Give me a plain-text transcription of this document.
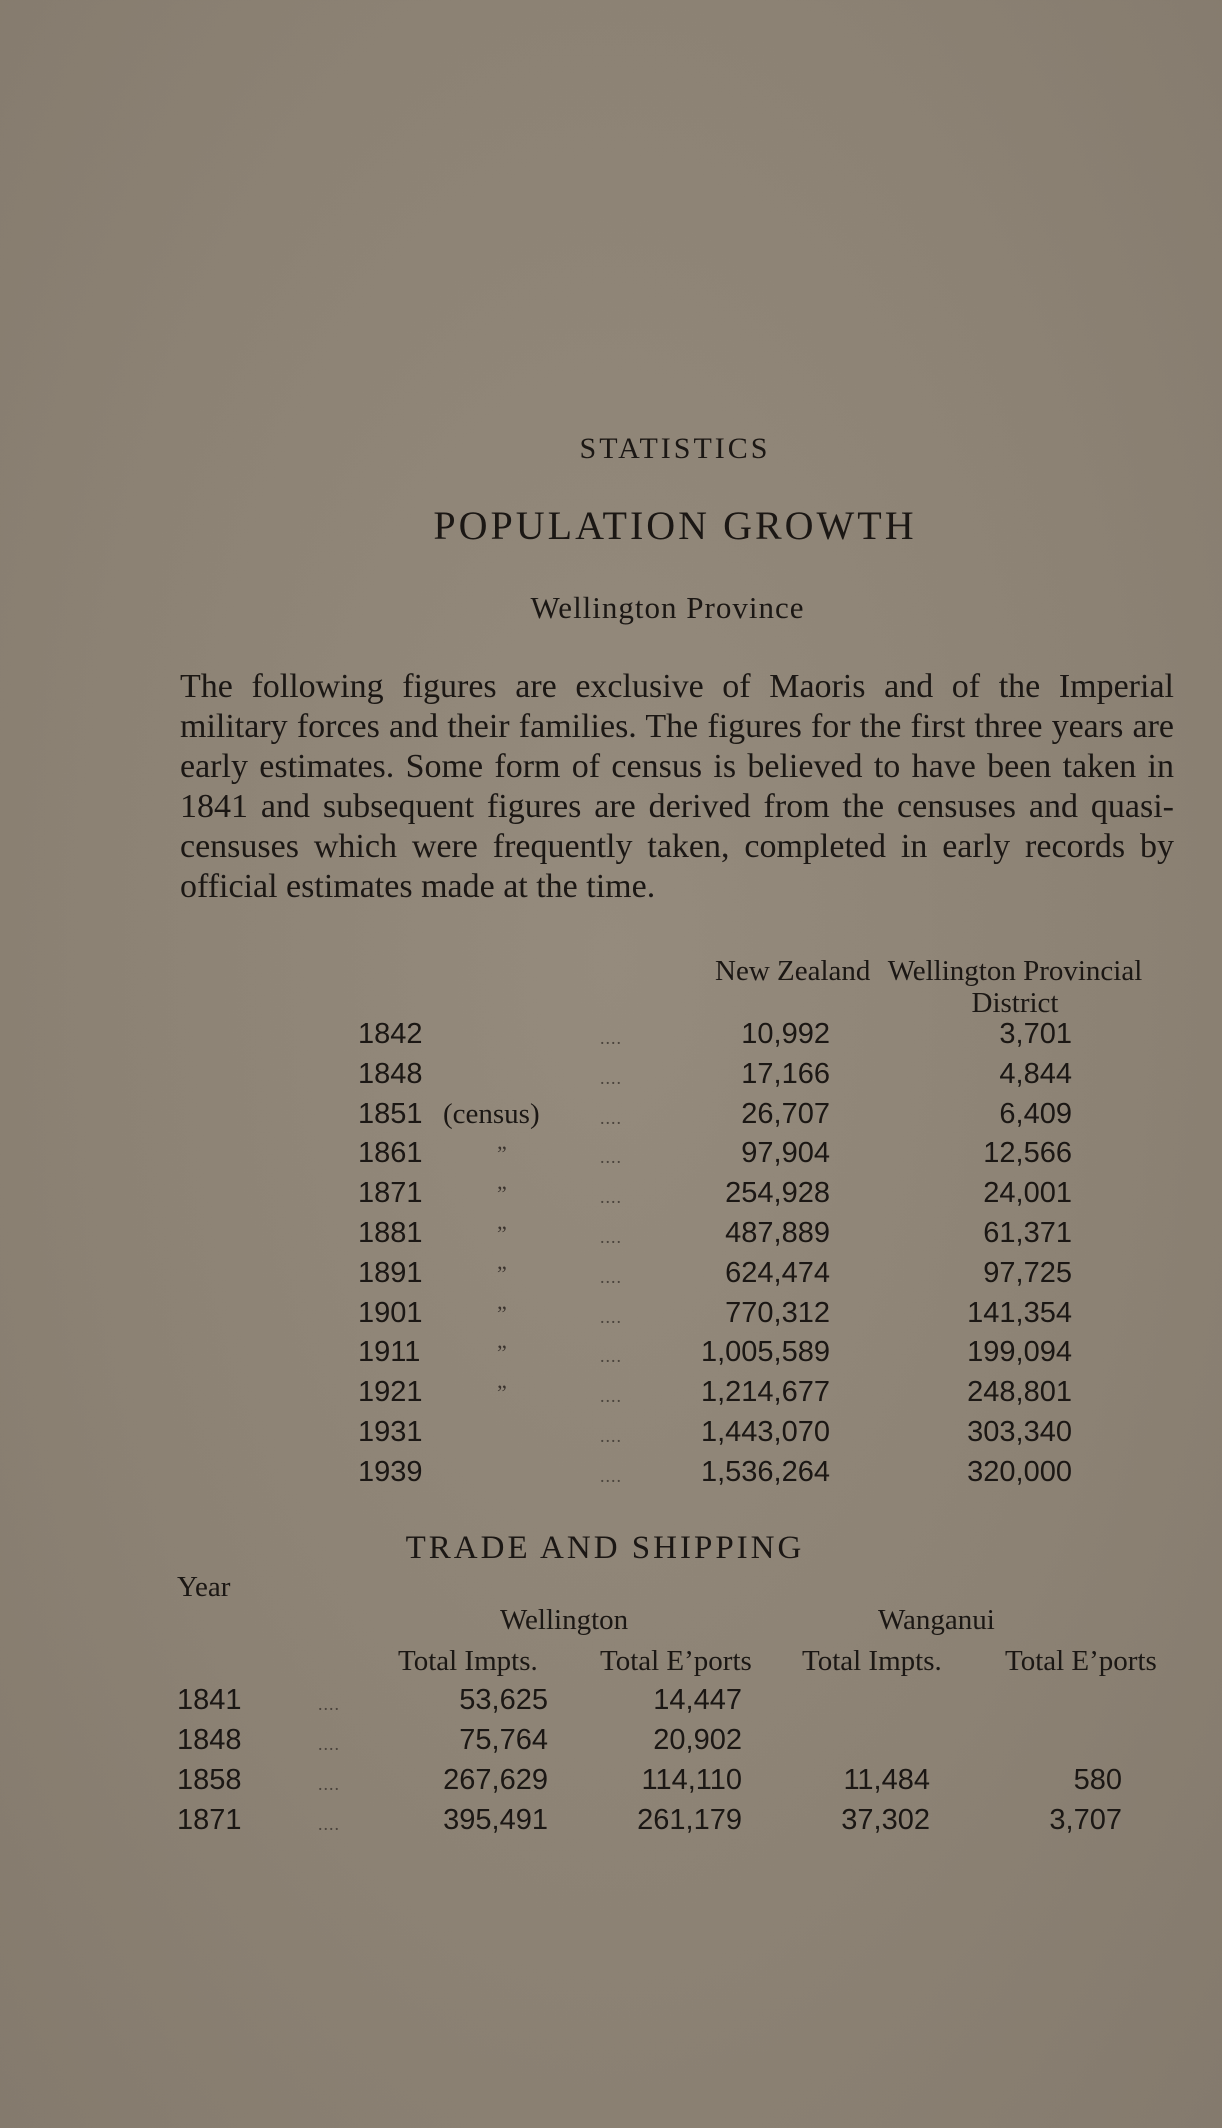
STATISTICS
POPULATION GROWTH
Wellington Province
The following figures are exclusive of Maoris and of the Imperial military forces and their families. The figures for the first three years are early estimates. Some form of census is believed to have been taken in 1841 and subsequent figures are derived from the censuses and quasi-censuses which were frequently taken, completed in early records by official estimates made at the time.
New Zealand Wellington Provincial District
1842	....	10,992	3,701
1848	....	17,166	4,844
1851 (census)	....	26,707	6,409
1861	”	....	97,904	12,566
1871	”	....	254,928	24,001
1881	”	....	487,889	61,371
1891	”	....	624,474	97,725
1901	”	....	770,312	141,354
1911	”	....	1,005,589	199,094
1921	”	....	1,214,677	248,801
1931	....	1,443,070	303,340
1939	....	1,536,264	320,000
TRADE AND SHIPPING
Year
Wellington	Wanganui
Total Impts. Total E’ports Total Impts. Total E’ports
1841	....	53,625	14,447
1848	....	75,764	20,902
1858	....	267,629	114,110	11,484	580
1871	....	395,491	261,179	37,302	3,707
